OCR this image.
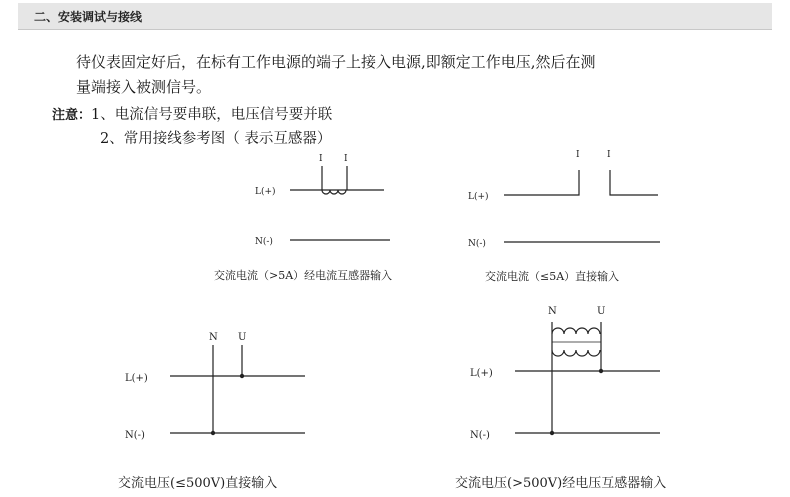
二、安装调试与接线
待仪表固定好后，在标有工作电源的端子上接入电源,即额定工作电压,然后在测
量端接入被测信号。
注意：1、电流信号要串联，电压信号要并联
2、常用接线参考图（ 表示互感器）
L(+)
N(-)
I I
L(+)
N(-)
I	I
L(+)
N(-)
N U
L(+)
N(-)
N	U
交流电流（>5A）经电流互感器输入	交流电流（≤5A）直接输入
交流电压(≤500V)直接输入	交流电压(>500V)经电压互感器输入
